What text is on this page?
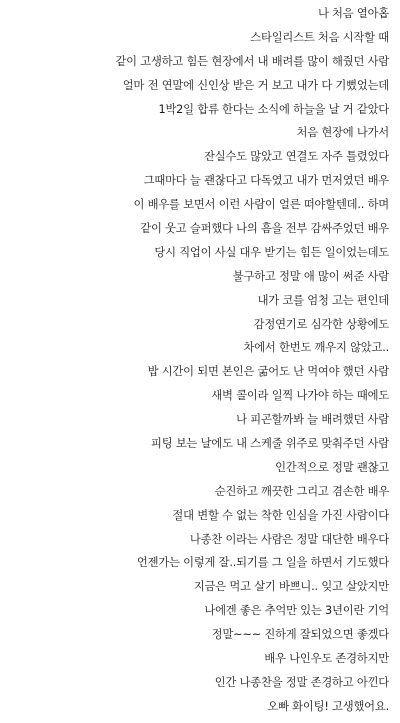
나 처음 열아홉
스타일리스트 처음 시작할 때
같이 고생하고 힘든 현장에서 내 배려를 많이 해줬던 사람
얼마 전 연말에 신인상 받은 거 보고 내가 다 기뻤었는데
1박2일 합류 한다는 소식에 하늘을 날 거 같았다
처음 현장에 나가서
잔실수도 많았고 연결도 자주 틀렸었다
그때마다 늘 괜찮다고 다독였고 내가 먼저였던 배우
이 배우를 보면서 이런 사람이 얼른 떠야할텐데.. 하며
같이 웃고 슬퍼했다 나의 흠을 전부 감싸주었던 배우
당시 직업이 사실 대우 받기는 힘든 일이었는데도
불구하고 정말 애 많이 써준 사람
내가 코를 엄청 고는 편인데
감정연기로 심각한 상황에도
차에서 한번도 깨우지 않았고..
밥 시간이 되면 본인은 굶어도 난 먹여야 했던 사람
새벽 콜이라 일찍 나가야 하는 때에도
나 피곤할까봐 늘 배려했던 사람
피팅 보는 날에도 내 스케줄 위주로 맞춰주던 사람
인간적으로 정말 괜찮고
순진하고 깨끗한 그리고 겸손한 배우
절대 변할 수 없는 착한 인심을 가진 사람이다
나종찬 이라는 사람은 정말 대단한 배우다
언젠가는 이렇게 잘..되기를 그 일을 하면서 기도했다
지금은 먹고 살기 바쁘니.. 잊고 살았지만
나에겐 좋은 추억만 있는 3년이란 기억
정말~~~ 진하게 잘되었으면 좋겠다
배우 나인우도 존경하지만
인간 나종찬을 정말 존경하고 아낀다
오빠 화이팅! 고생했어요.
